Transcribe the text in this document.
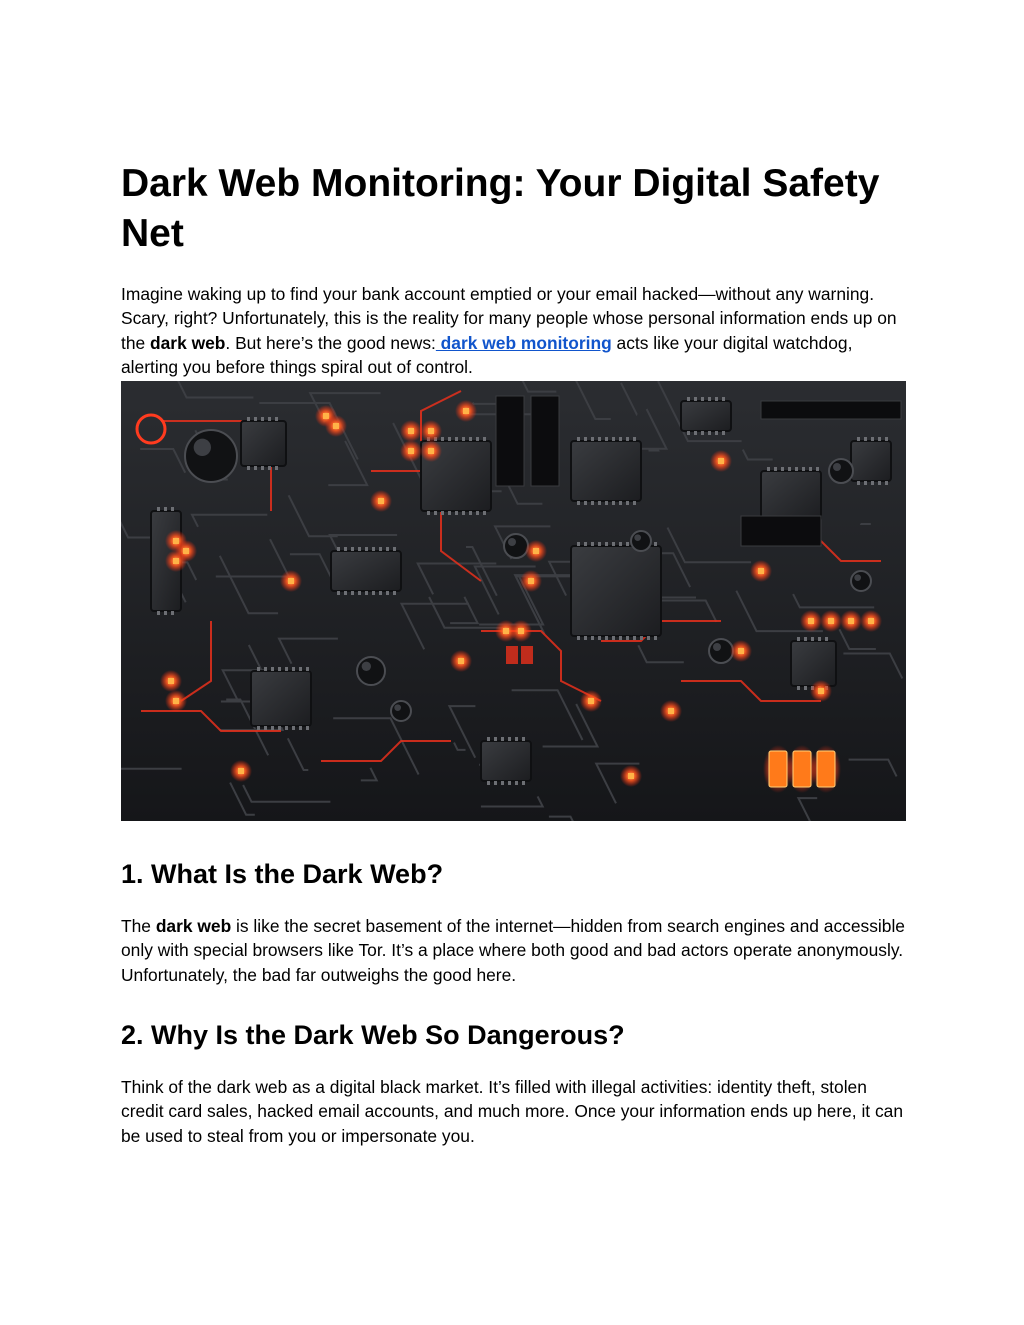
Dark Web Monitoring: Your Digital Safety Net

Imagine waking up to find your bank account emptied or your email hacked—without any warning. Scary, right? Unfortunately, this is the reality for many people whose personal information ends up on the dark web. But here’s the good news: dark web monitoring acts like your digital watchdog, alerting you before things spiral out of control.

1. What Is the Dark Web?

The dark web is like the secret basement of the internet—hidden from search engines and accessible only with special browsers like Tor. It’s a place where both good and bad actors operate anonymously. Unfortunately, the bad far outweighs the good here.

2. Why Is the Dark Web So Dangerous?

Think of the dark web as a digital black market. It’s filled with illegal activities: identity theft, stolen credit card sales, hacked email accounts, and much more. Once your information ends up here, it can be used to steal from you or impersonate you.
